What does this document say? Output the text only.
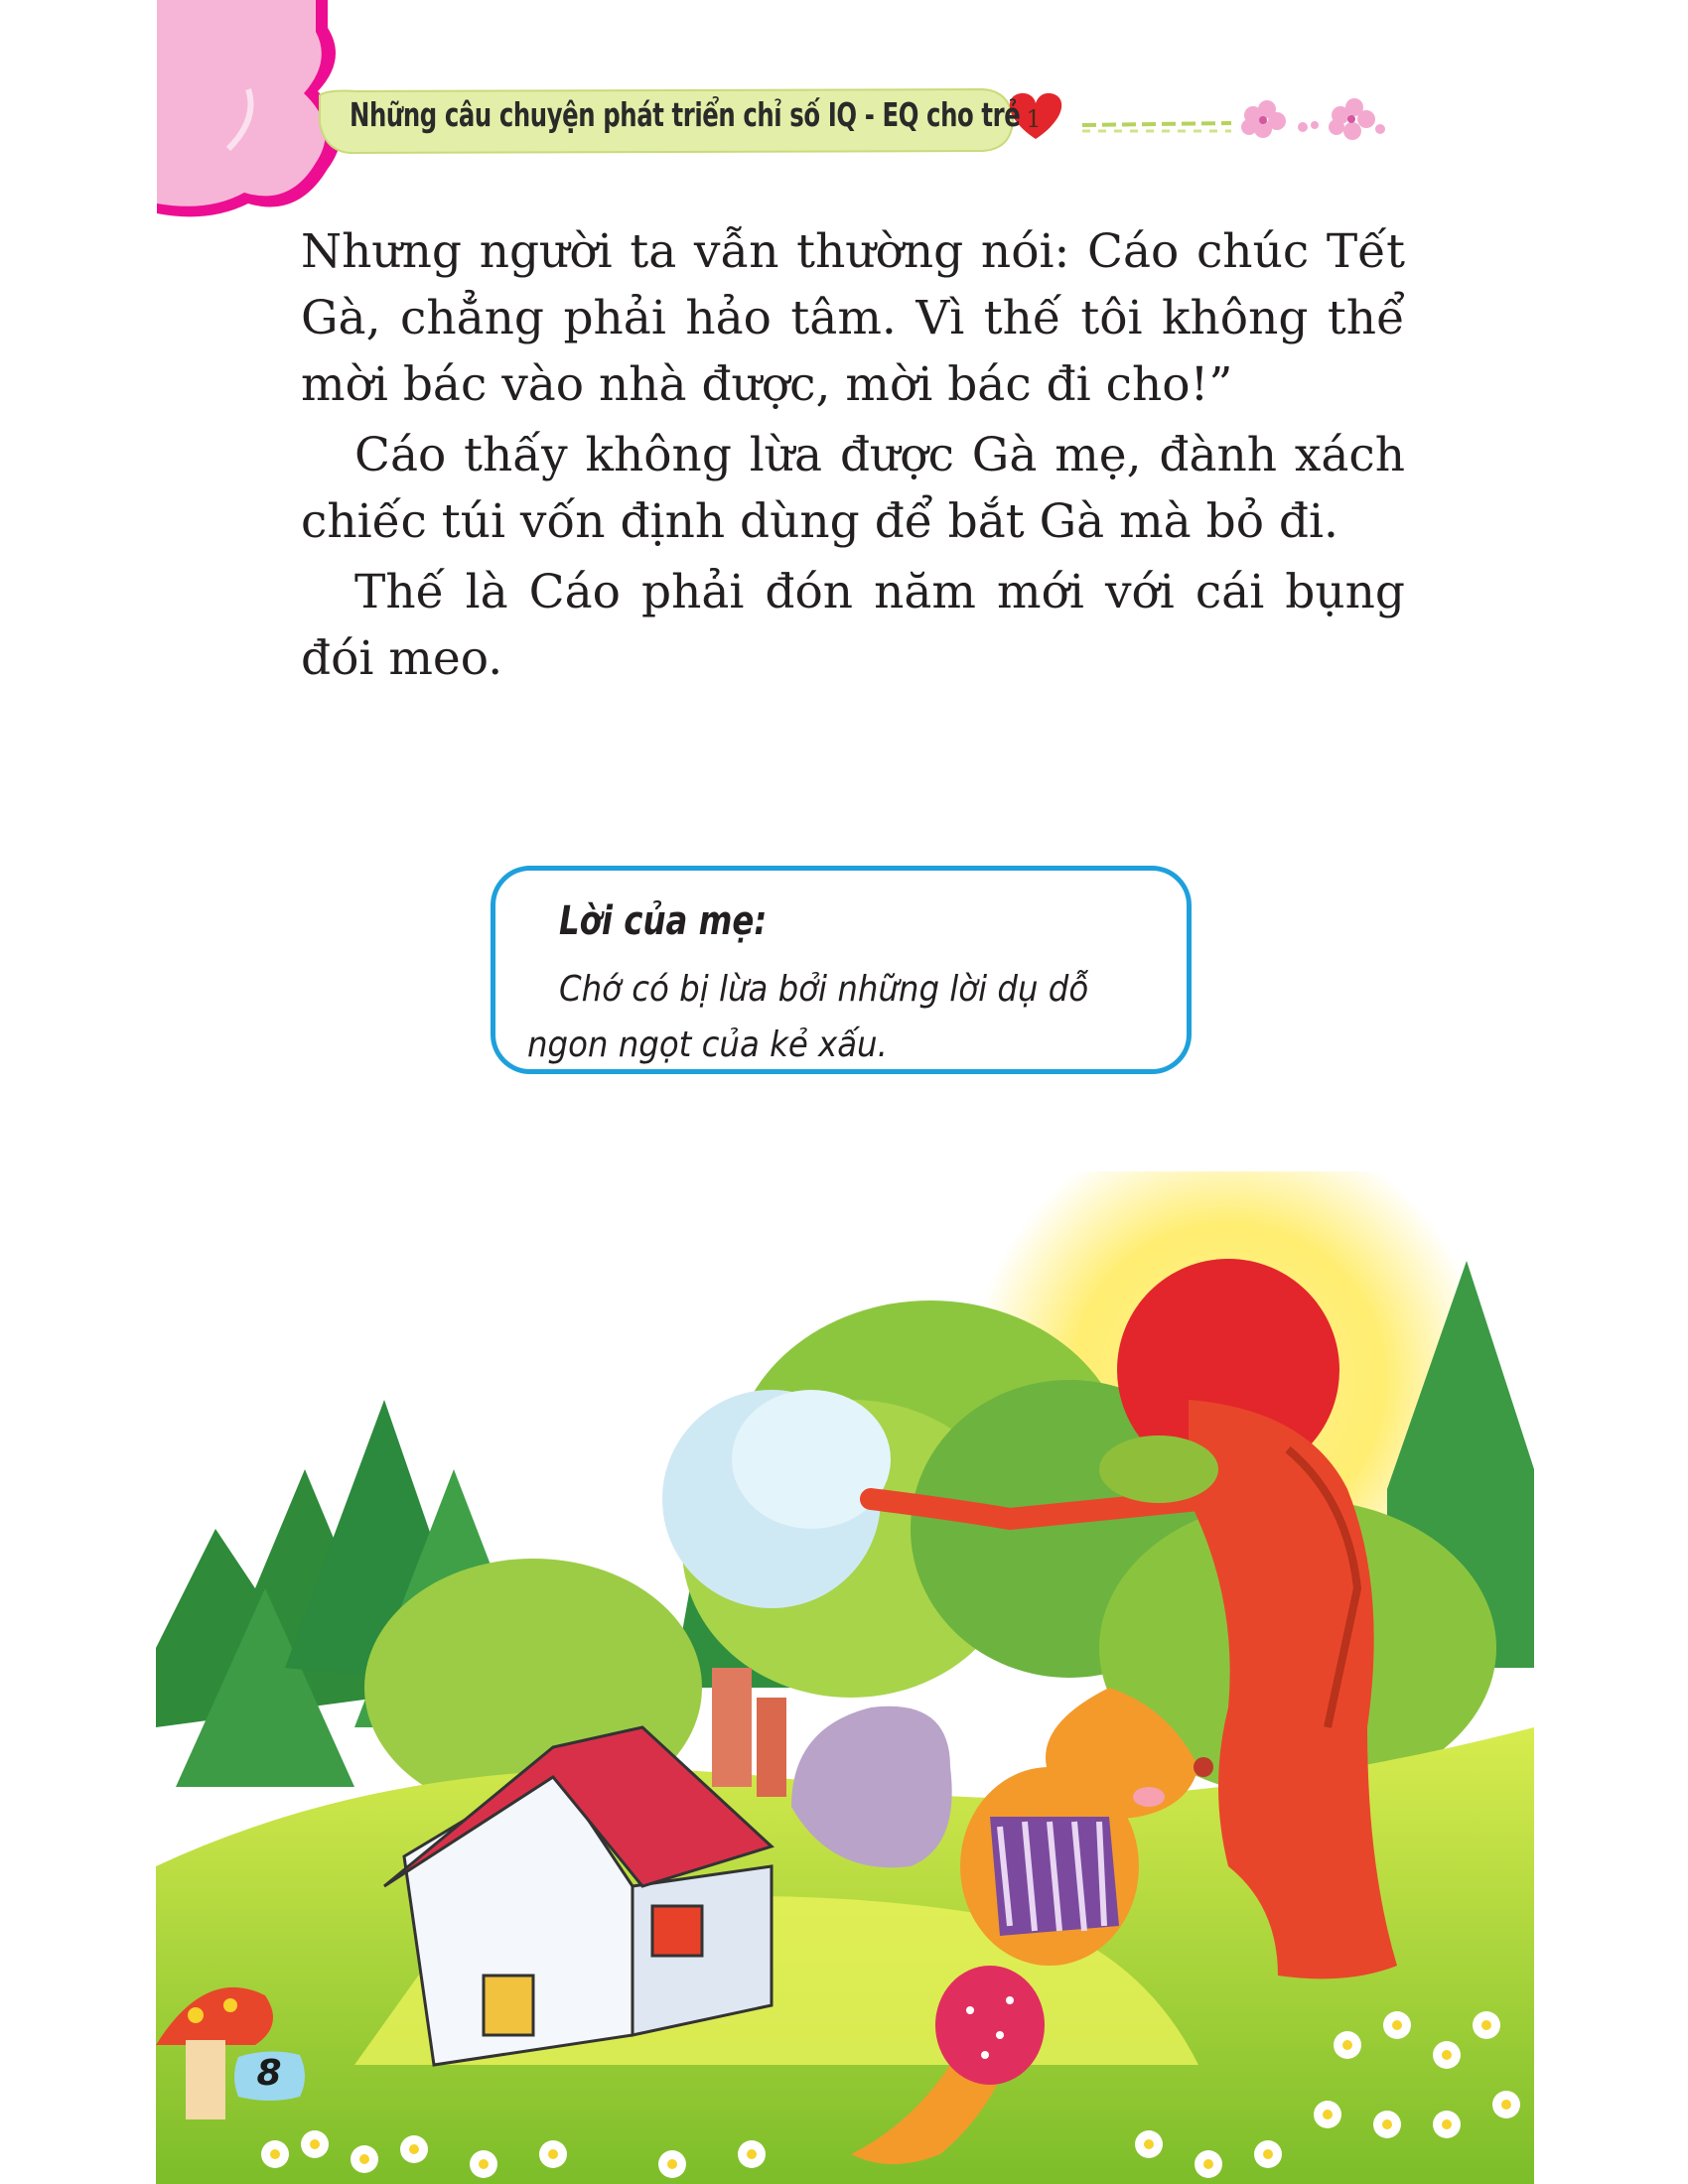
Những câu chuyện phát triển chỉ số IQ - EQ cho trẻ 1

Nhưng người ta vẫn thường nói: Cáo chúc Tết Gà, chẳng phải hảo tâm. Vì thế tôi không thể mời bác vào nhà được, mời bác đi cho!”

Cáo thấy không lừa được Gà mẹ, đành xách chiếc túi vốn định dùng để bắt Gà mà bỏ đi.

Thế là Cáo phải đón năm mới với cái bụng đói meo.

Lời của mẹ:
Chớ có bị lừa bởi những lời dụ dỗ ngon ngọt của kẻ xấu.
8
